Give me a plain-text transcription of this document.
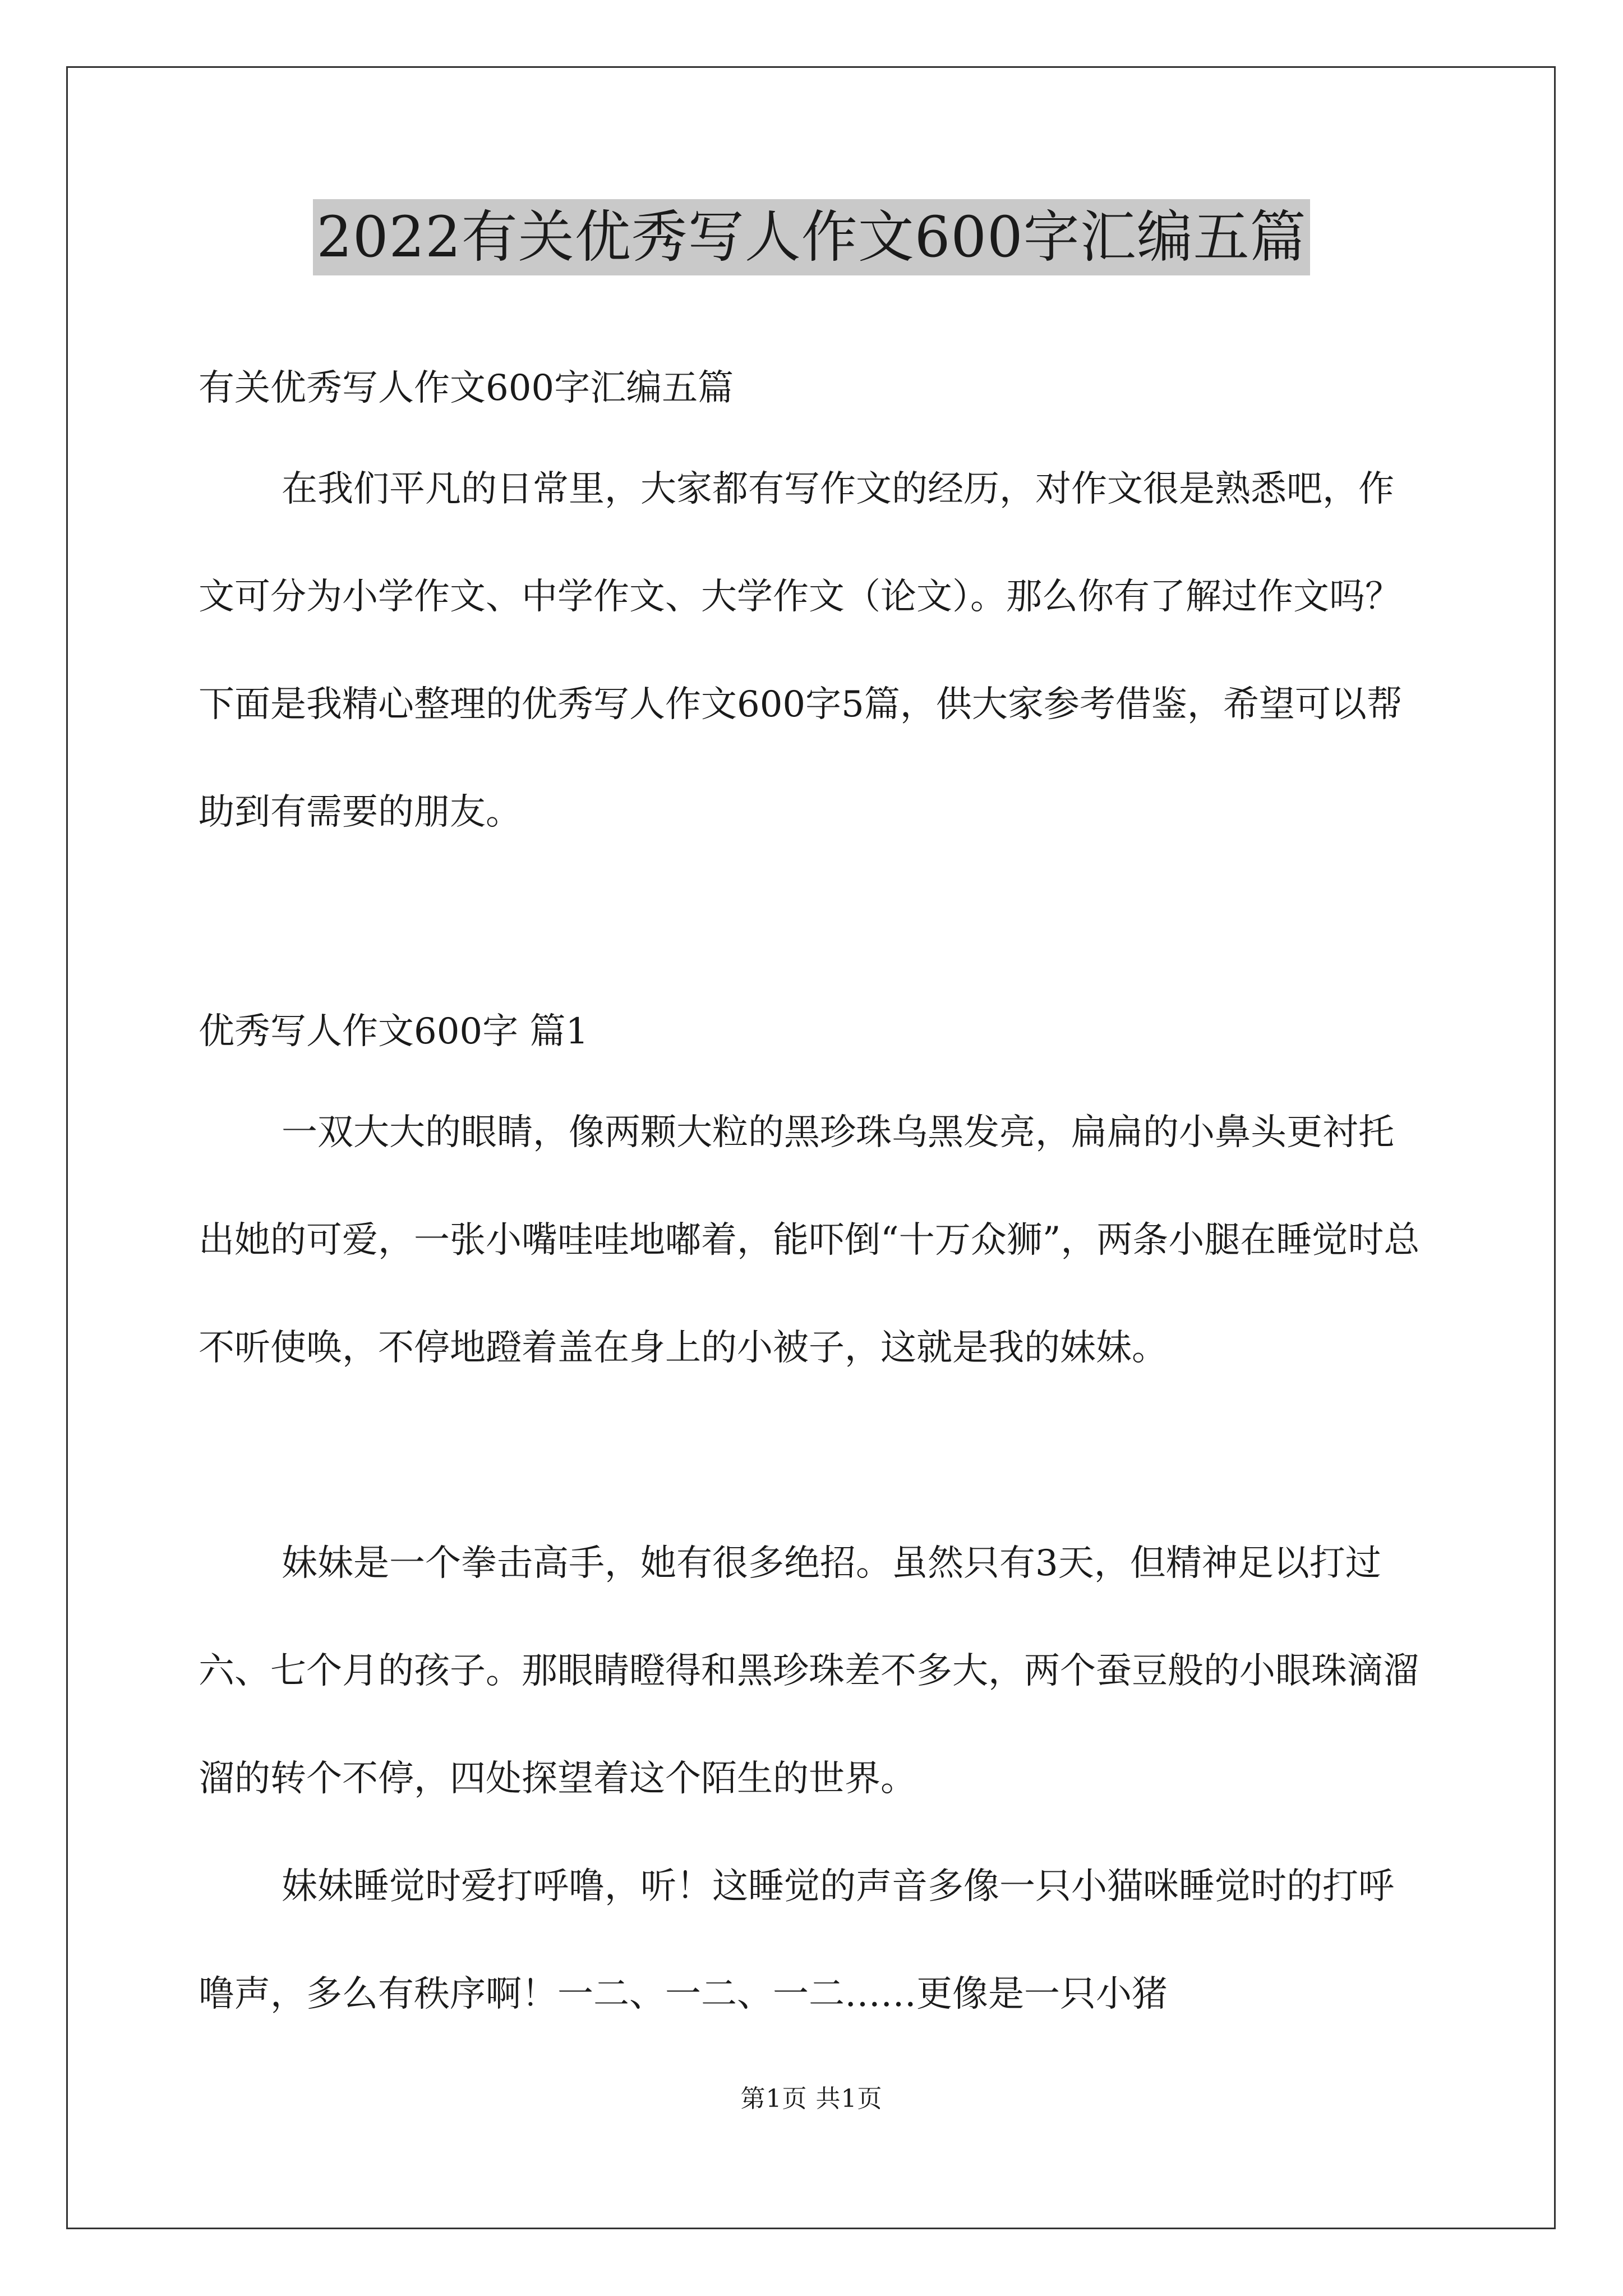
2022有关优秀写人作文600字汇编五篇
有关优秀写人作文600字汇编五篇
在我们平凡的日常里，大家都有写作文的经历，对作文很是熟悉吧，作文可分为小学作文、中学作文、大学作文（论文）。那么你有了解过作文吗？下面是我精心整理的优秀写人作文600字5篇，供大家参考借鉴，希望可以帮助到有需要的朋友。
优秀写人作文600字 篇1
一双大大的眼睛，像两颗大粒的黑珍珠乌黑发亮，扁扁的小鼻头更衬托出她的可爱，一张小嘴哇哇地嘟着，能吓倒“十万众狮”，两条小腿在睡觉时总不听使唤，不停地蹬着盖在身上的小被子，这就是我的妹妹。
妹妹是一个拳击高手，她有很多绝招。虽然只有3天，但精神足以打过六、七个月的孩子。那眼睛瞪得和黑珍珠差不多大，两个蚕豆般的小眼珠滴溜溜的转个不停，四处探望着这个陌生的世界。
妹妹睡觉时爱打呼噜，听！这睡觉的声音多像一只小猫咪睡觉时的打呼噜声，多么有秩序啊！一二、一二、一二……更像是一只小猪
第1页 共1页
